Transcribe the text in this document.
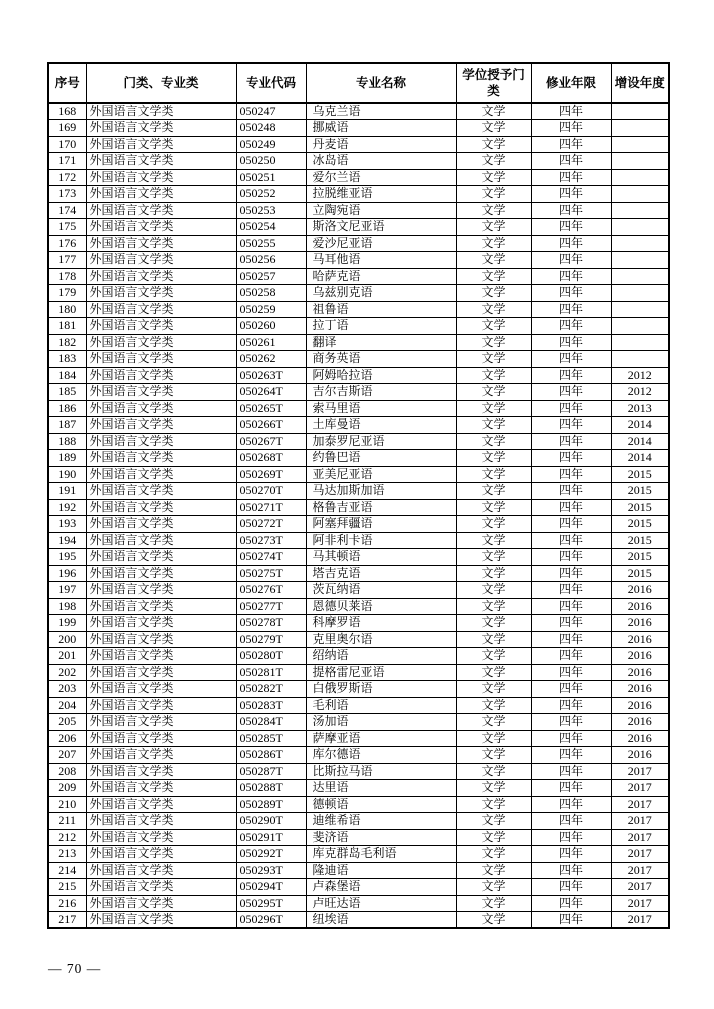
序号	门类、专业类	专业代码	专业名称	学位授予门类	修业年限	增设年度
168	外国语言文学类	050247	乌克兰语	文学	四年	
169	外国语言文学类	050248	挪威语	文学	四年	
170	外国语言文学类	050249	丹麦语	文学	四年	
171	外国语言文学类	050250	冰岛语	文学	四年	
172	外国语言文学类	050251	爱尔兰语	文学	四年	
173	外国语言文学类	050252	拉脱维亚语	文学	四年	
174	外国语言文学类	050253	立陶宛语	文学	四年	
175	外国语言文学类	050254	斯洛文尼亚语	文学	四年	
176	外国语言文学类	050255	爱沙尼亚语	文学	四年	
177	外国语言文学类	050256	马耳他语	文学	四年	
178	外国语言文学类	050257	哈萨克语	文学	四年	
179	外国语言文学类	050258	乌兹别克语	文学	四年	
180	外国语言文学类	050259	祖鲁语	文学	四年	
181	外国语言文学类	050260	拉丁语	文学	四年	
182	外国语言文学类	050261	翻译	文学	四年	
183	外国语言文学类	050262	商务英语	文学	四年	
184	外国语言文学类	050263T	阿姆哈拉语	文学	四年	2012
185	外国语言文学类	050264T	吉尔吉斯语	文学	四年	2012
186	外国语言文学类	050265T	索马里语	文学	四年	2013
187	外国语言文学类	050266T	土库曼语	文学	四年	2014
188	外国语言文学类	050267T	加泰罗尼亚语	文学	四年	2014
189	外国语言文学类	050268T	约鲁巴语	文学	四年	2014
190	外国语言文学类	050269T	亚美尼亚语	文学	四年	2015
191	外国语言文学类	050270T	马达加斯加语	文学	四年	2015
192	外国语言文学类	050271T	格鲁吉亚语	文学	四年	2015
193	外国语言文学类	050272T	阿塞拜疆语	文学	四年	2015
194	外国语言文学类	050273T	阿非利卡语	文学	四年	2015
195	外国语言文学类	050274T	马其顿语	文学	四年	2015
196	外国语言文学类	050275T	塔吉克语	文学	四年	2015
197	外国语言文学类	050276T	茨瓦纳语	文学	四年	2016
198	外国语言文学类	050277T	恩德贝莱语	文学	四年	2016
199	外国语言文学类	050278T	科摩罗语	文学	四年	2016
200	外国语言文学类	050279T	克里奥尔语	文学	四年	2016
201	外国语言文学类	050280T	绍纳语	文学	四年	2016
202	外国语言文学类	050281T	提格雷尼亚语	文学	四年	2016
203	外国语言文学类	050282T	白俄罗斯语	文学	四年	2016
204	外国语言文学类	050283T	毛利语	文学	四年	2016
205	外国语言文学类	050284T	汤加语	文学	四年	2016
206	外国语言文学类	050285T	萨摩亚语	文学	四年	2016
207	外国语言文学类	050286T	库尔德语	文学	四年	2016
208	外国语言文学类	050287T	比斯拉马语	文学	四年	2017
209	外国语言文学类	050288T	达里语	文学	四年	2017
210	外国语言文学类	050289T	德顿语	文学	四年	2017
211	外国语言文学类	050290T	迪维希语	文学	四年	2017
212	外国语言文学类	050291T	斐济语	文学	四年	2017
213	外国语言文学类	050292T	库克群岛毛利语	文学	四年	2017
214	外国语言文学类	050293T	隆迪语	文学	四年	2017
215	外国语言文学类	050294T	卢森堡语	文学	四年	2017
216	外国语言文学类	050295T	卢旺达语	文学	四年	2017
217	外国语言文学类	050296T	纽埃语	文学	四年	2017
— 70 —
